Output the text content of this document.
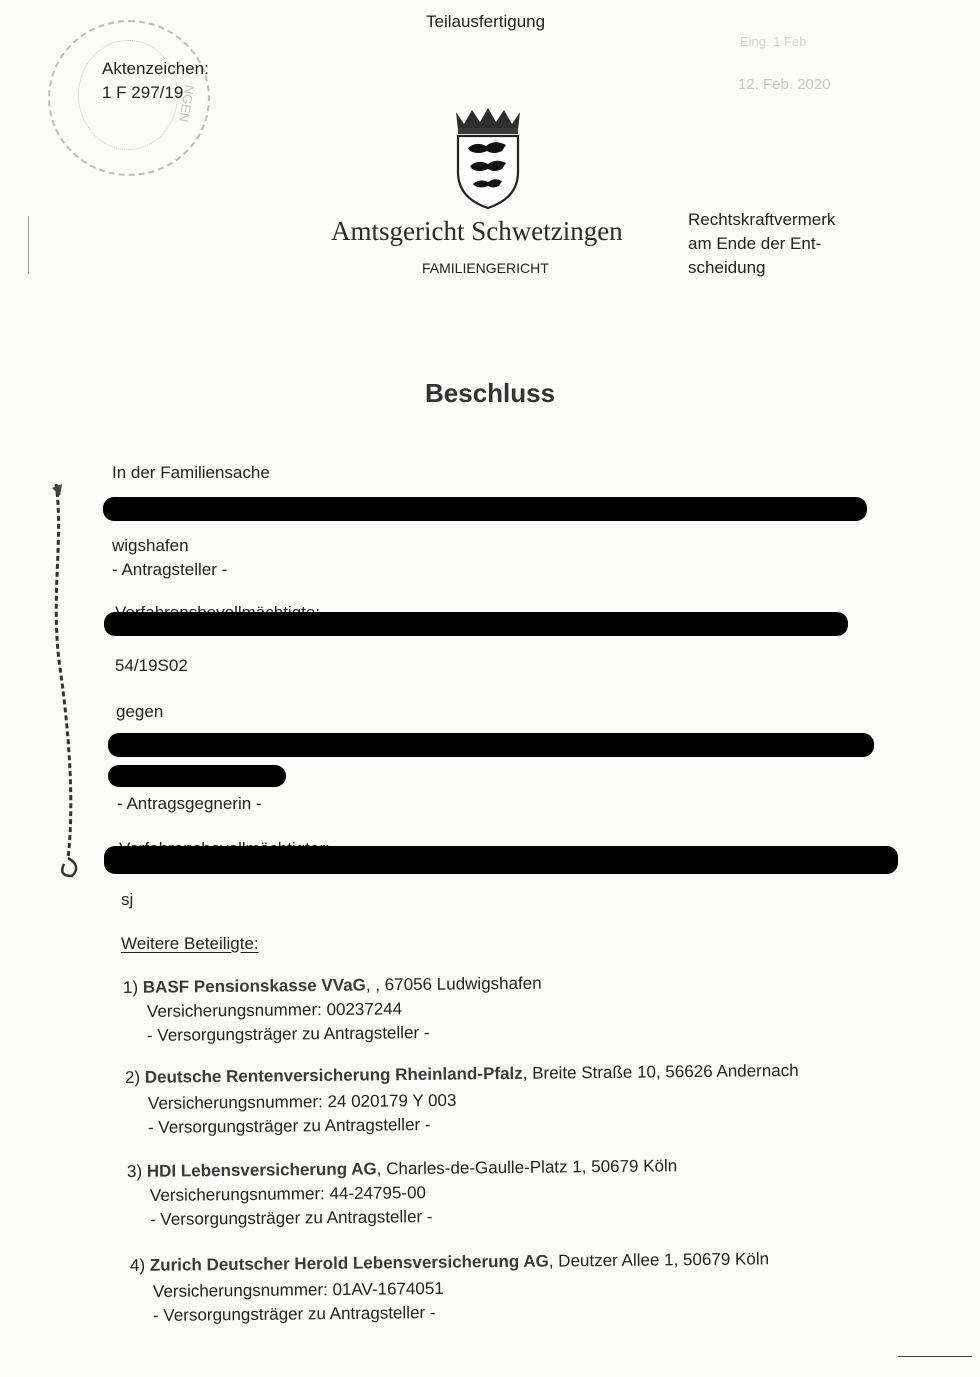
NGEN
Teilausfertigung
Aktenzeichen:
1 F 297/19
Eing. 1 Feb
12. Feb. 2020
Amtsgericht Schwetzingen
FAMILIENGERICHT
Rechtskraftvermerk
am Ende der Ent-
scheidung
Beschluss
In der Familiensache
wigshafen
- Antragsteller -
54/19S02
gegen
- Antragsgegnerin -
sj
Weitere Beteiligte:
1) BASF Pensionskasse VVaG, , 67056 Ludwigshafen
Versicherungsnummer: 00237244
- Versorgungsträger zu Antragsteller -
2) Deutsche Rentenversicherung Rheinland-Pfalz, Breite Straße 10, 56626 Andernach
Versicherungsnummer: 24 020179 Y 003
- Versorgungsträger zu Antragsteller -
3) HDI Lebensversicherung AG, Charles-de-Gaulle-Platz 1, 50679 Köln
Versicherungsnummer: 44-24795-00
- Versorgungsträger zu Antragsteller -
4) Zurich Deutscher Herold Lebensversicherung AG, Deutzer Allee 1, 50679 Köln
Versicherungsnummer: 01AV-1674051
- Versorgungsträger zu Antragsteller -
